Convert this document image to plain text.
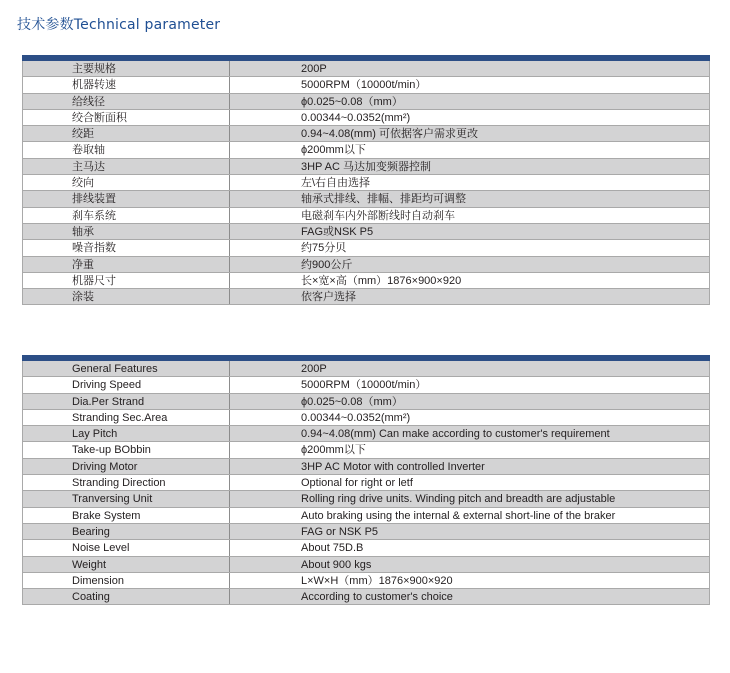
技术参数Technical parameter
主要规格	200P
机器转速	5000RPM（10000t/min）
给线径	ϕ0.025~0.08（mm）
绞合断面积	0.00344~0.0352(mm²)
绞距	0.94~4.08(mm) 可依据客户需求更改
卷取轴	ϕ200mm以下
主马达	3HP AC 马达加变频器控制
绞向	左\右自由选择
排线装置	轴承式排线、排幅、排距均可调整
刹车系统	电磁刹车内外部断线时自动刹车
轴承	FAG或NSK P5
噪音指数	约75分贝
净重	约900公斤
机器尺寸	长×宽×高（mm）1876×900×920
涂装	依客户选择
General Features	200P
Driving Speed	5000RPM（10000t/min）
Dia.Per Strand	ϕ0.025~0.08（mm）
Stranding Sec.Area	0.00344~0.0352(mm²)
Lay Pitch	0.94~4.08(mm) Can make according to customer's requirement
Take-up BObbin	ϕ200mm以下
Driving Motor	3HP AC Motor with controlled Inverter
Stranding Direction	Optional for right or letf
Tranversing Unit	Rolling ring drive units. Winding pitch and breadth are adjustable
Brake System	Auto braking using the internal & external short-line of the braker
Bearing	FAG or NSK P5
Noise Level	About 75D.B
Weight	About 900 kgs
Dimension	L×W×H（mm）1876×900×920
Coating	According to customer's choice
